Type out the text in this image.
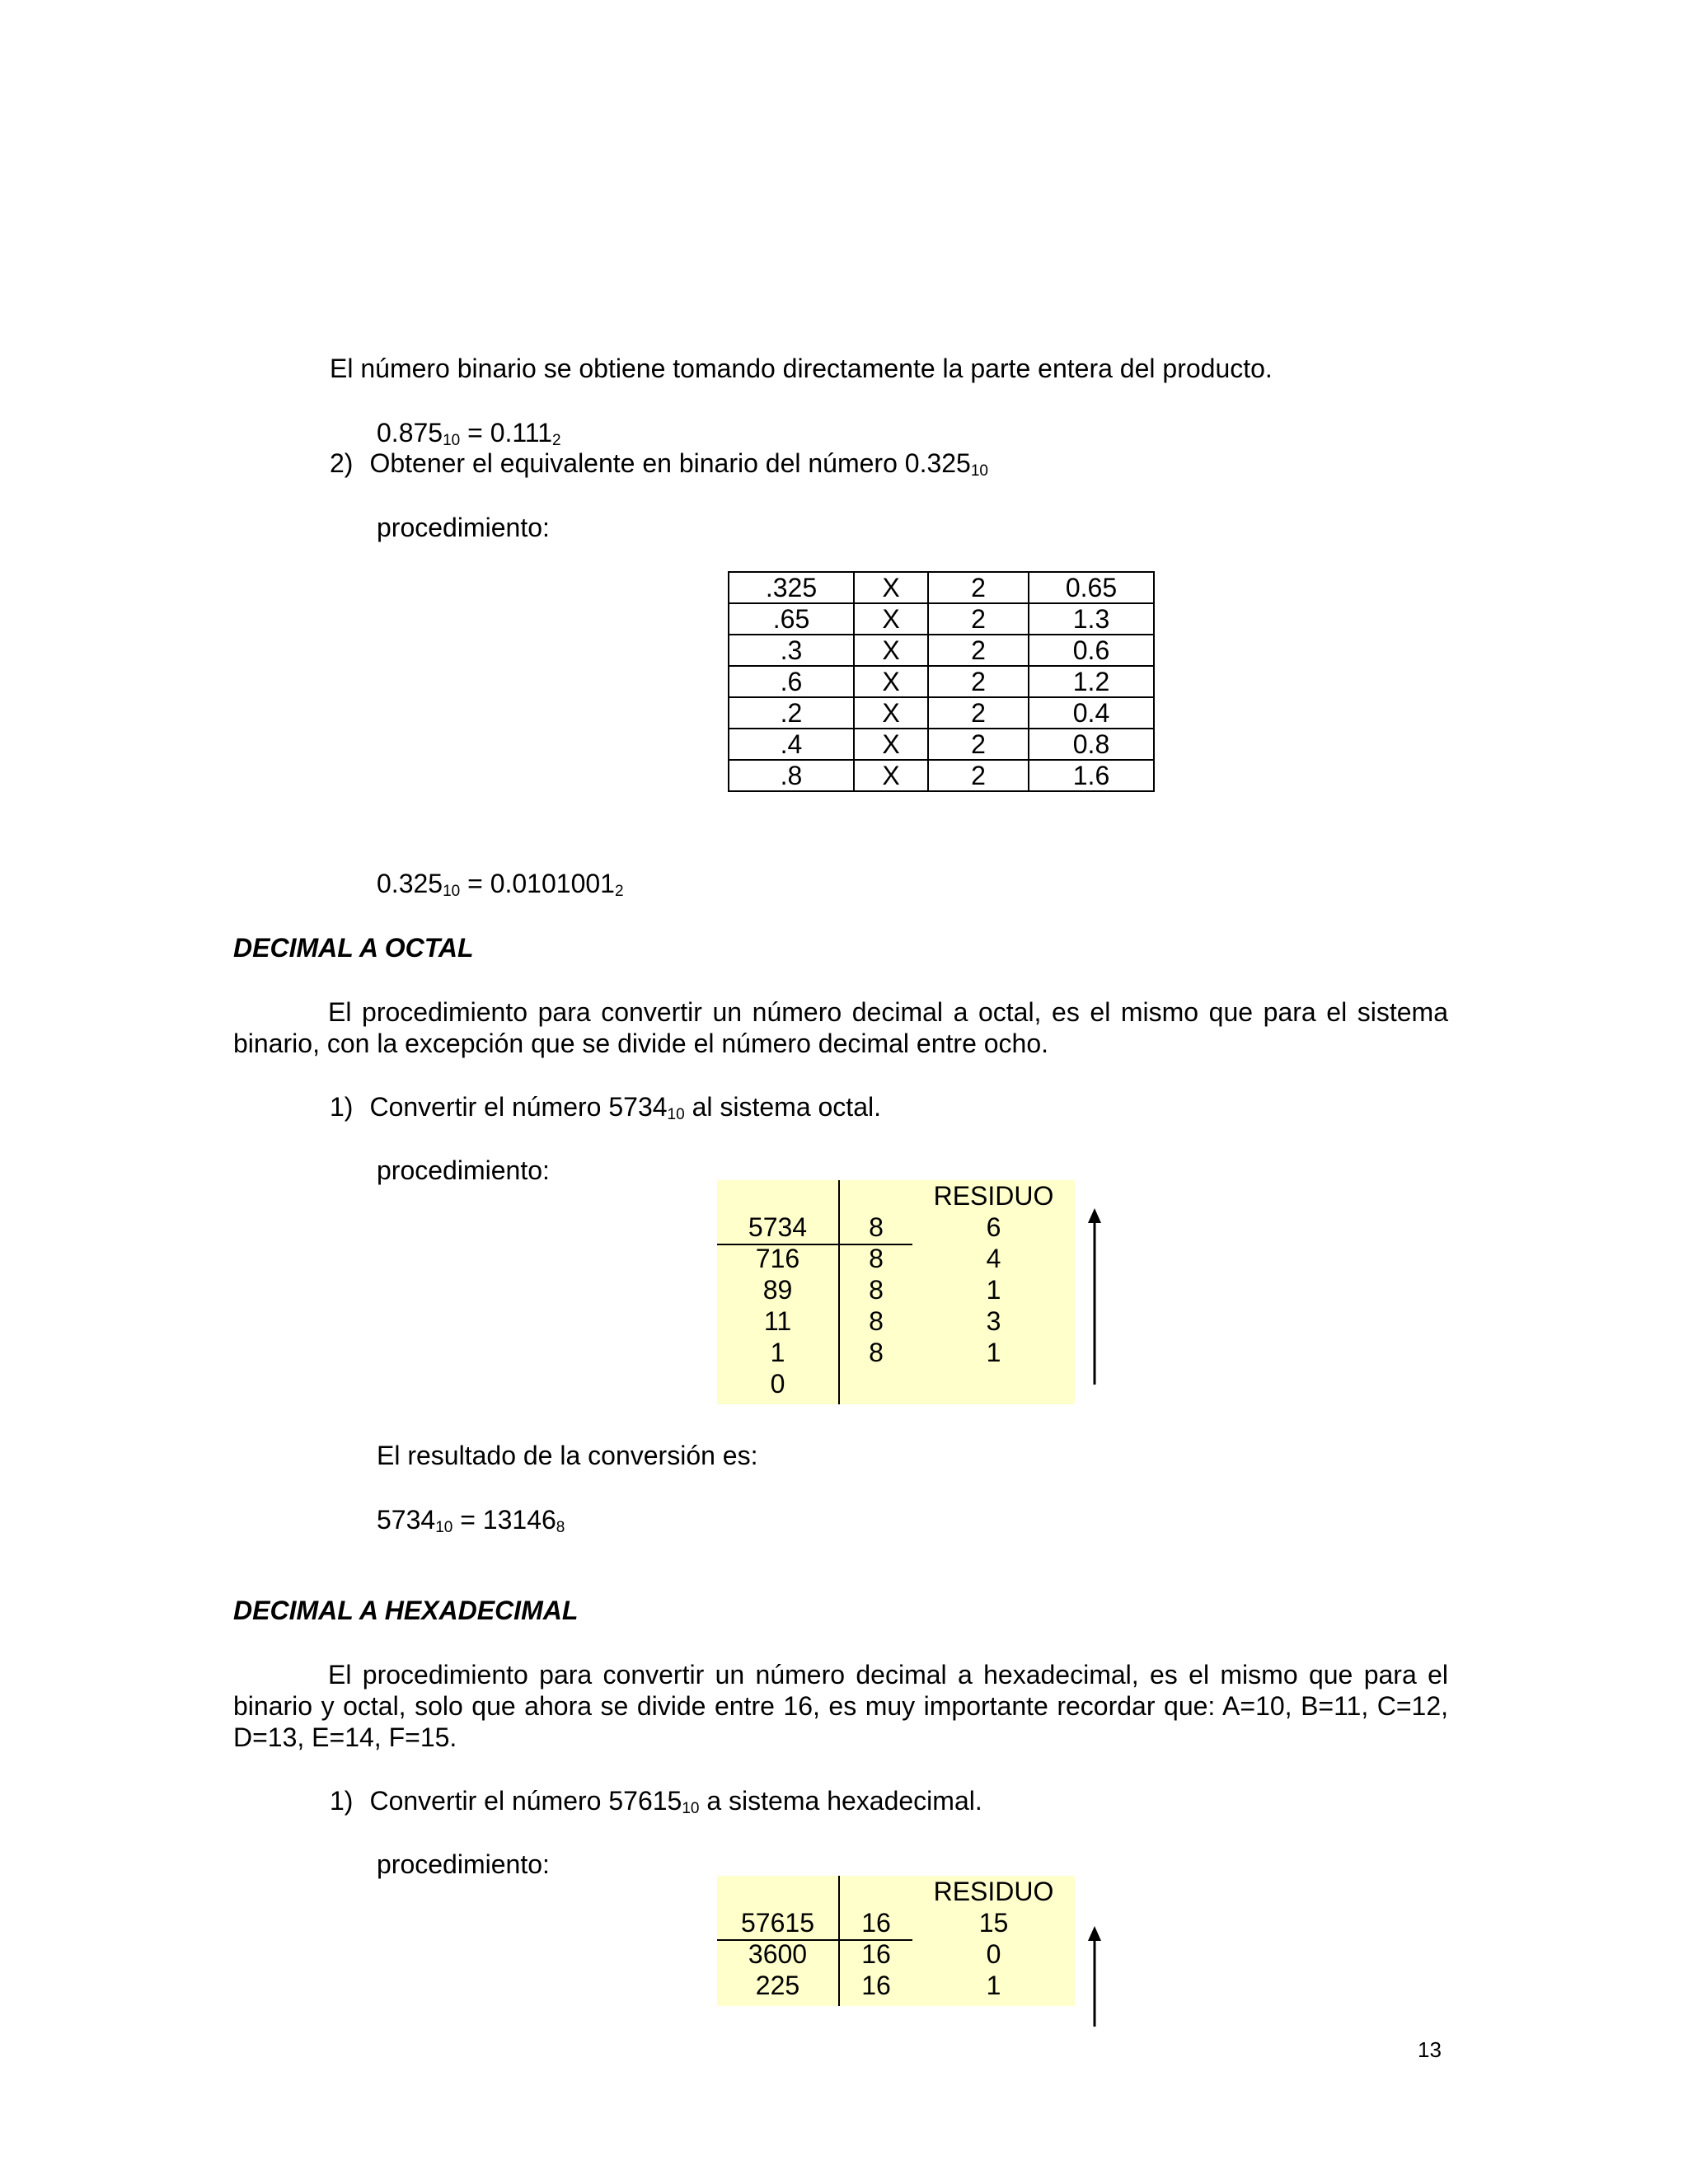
El número binario se obtiene tomando directamente la parte entera del producto.
$0.875_{10} = 0.111_2$
2) Obtener el equivalente en binario del número $0.325_{10}$
procedimiento:
.325	X	2	0.65
.65	X	2	1.3
.3	X	2	0.6
.6	X	2	1.2
.2	X	2	0.4
.4	X	2	0.8
.8	X	2	1.6
$0.325_{10} = 0.0101001_2$
DECIMAL A OCTAL
El procedimiento para convertir un número decimal a octal, es el mismo que para el sistema binario, con la excepción que se divide el número decimal entre ocho.
1) Convertir el número $5734_{10}$ al sistema octal.
procedimiento:
RESIDUO
5734	8	6
716	8	4
89	8	1
11	8	3
1	8	1
0
El resultado de la conversión es:
$5734_{10} = 13146_8$
DECIMAL A HEXADECIMAL
El procedimiento para convertir un número decimal a hexadecimal, es el mismo que para el binario y octal, solo que ahora se divide entre 16, es muy importante recordar que: A=10, B=11, C=12, D=13, E=14, F=15.
1) Convertir el número $57615_{10}$ a sistema hexadecimal.
procedimiento:
RESIDUO
57615	16	15
3600	16	0
225	16	1
13
